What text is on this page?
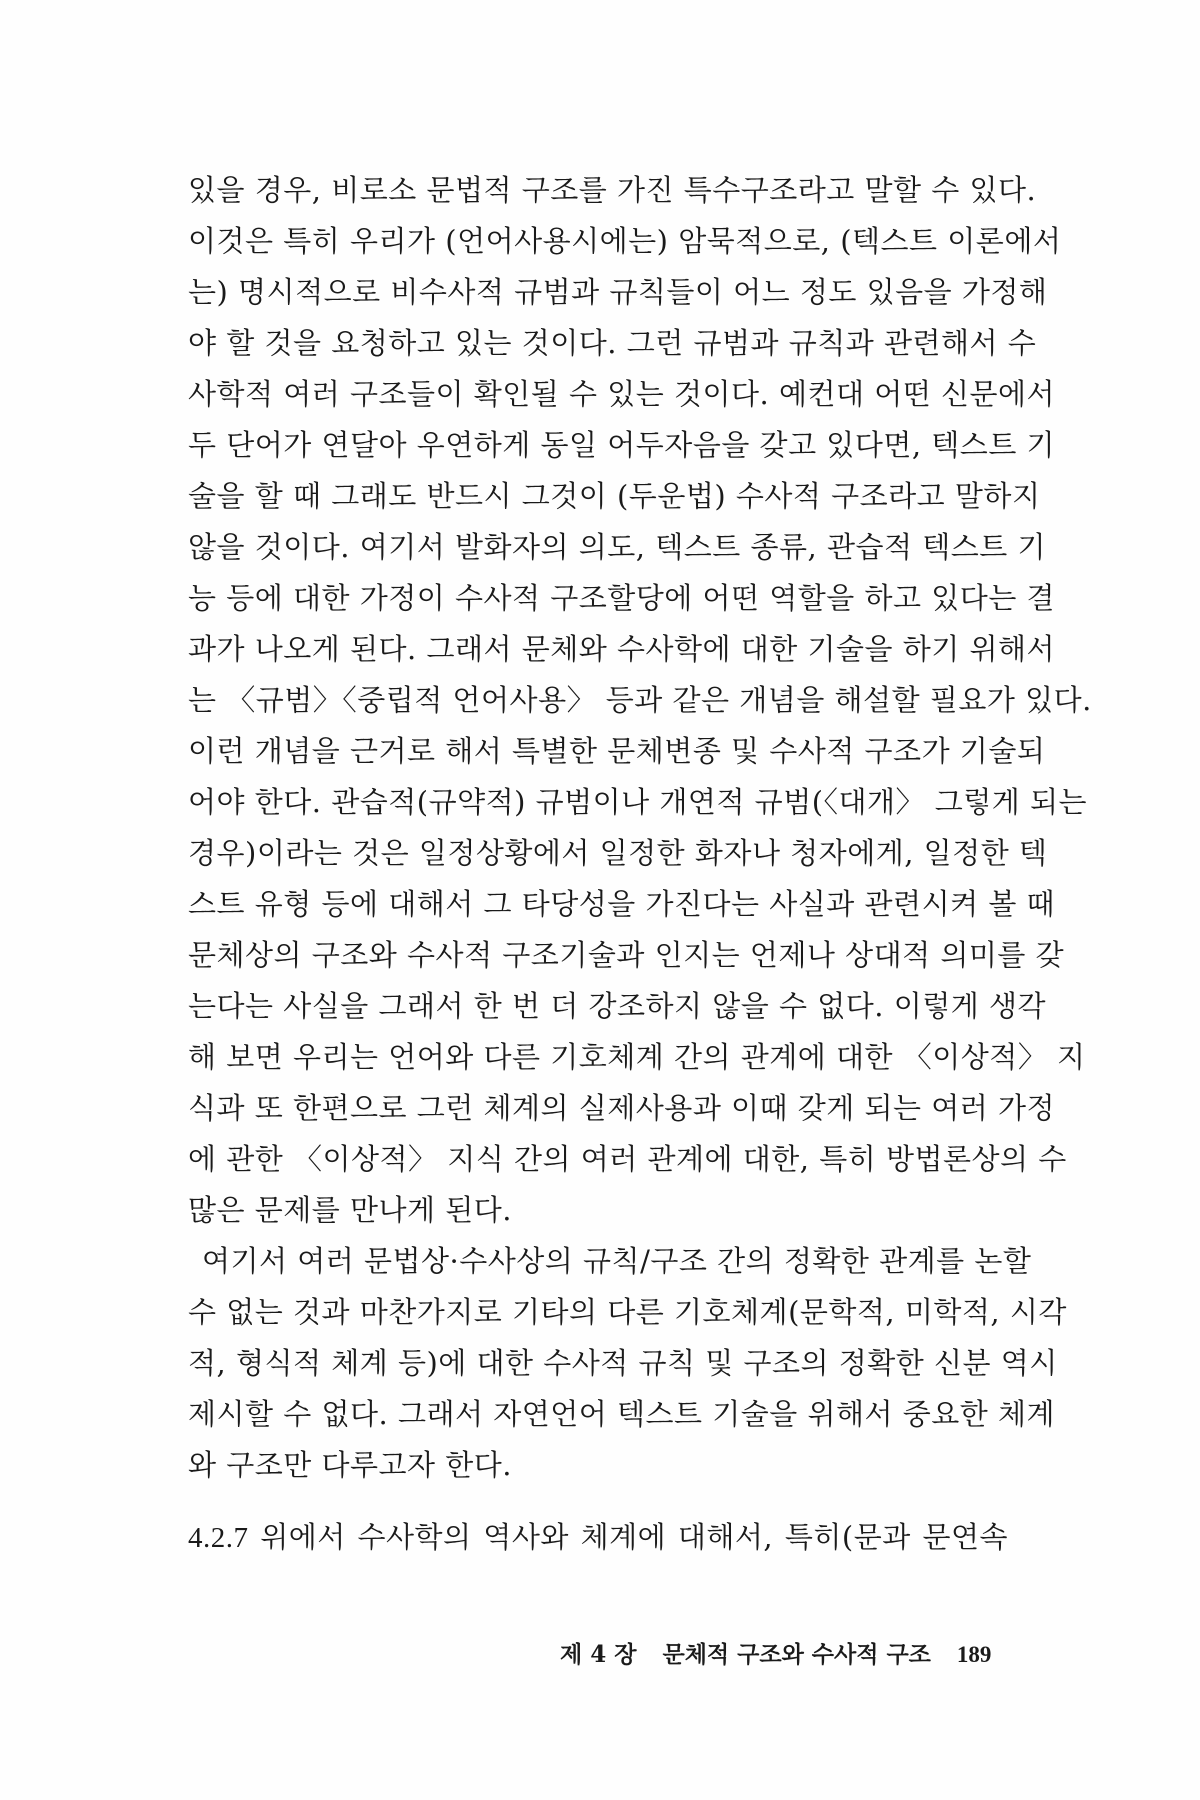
있을 경우, 비로소 문법적 구조를 가진 특수구조라고 말할 수 있다.
이것은 특히 우리가 (언어사용시에는) 암묵적으로, (텍스트 이론에서
는) 명시적으로 비수사적 규범과 규칙들이 어느 정도 있음을 가정해
야 할 것을 요청하고 있는 것이다. 그런 규범과 규칙과 관련해서 수
사학적 여러 구조들이 확인될 수 있는 것이다. 예컨대 어떤 신문에서
두 단어가 연달아 우연하게 동일 어두자음을 갖고 있다면, 텍스트 기
술을 할 때 그래도 반드시 그것이 (두운법) 수사적 구조라고 말하지
않을 것이다. 여기서 발화자의 의도, 텍스트 종류, 관습적 텍스트 기
능 등에 대한 가정이 수사적 구조할당에 어떤 역할을 하고 있다는 결
과가 나오게 된다. 그래서 문체와 수사학에 대한 기술을 하기 위해서
는 〈규범〉〈중립적 언어사용〉 등과 같은 개념을 해설할 필요가 있다.
이런 개념을 근거로 해서 특별한 문체변종 및 수사적 구조가 기술되
어야 한다. 관습적(규약적) 규범이나 개연적 규범(〈대개〉 그렇게 되는
경우)이라는 것은 일정상황에서 일정한 화자나 청자에게, 일정한 텍
스트 유형 등에 대해서 그 타당성을 가진다는 사실과 관련시켜 볼 때
문체상의 구조와 수사적 구조기술과 인지는 언제나 상대적 의미를 갖
는다는 사실을 그래서 한 번 더 강조하지 않을 수 없다. 이렇게 생각
해 보면 우리는 언어와 다른 기호체계 간의 관계에 대한 〈이상적〉 지
식과 또 한편으로 그런 체계의 실제사용과 이때 갖게 되는 여러 가정
에 관한 〈이상적〉 지식 간의 여러 관계에 대한, 특히 방법론상의 수
많은 문제를 만나게 된다.
여기서 여러 문법상·수사상의 규칙/구조 간의 정확한 관계를 논할
수 없는 것과 마찬가지로 기타의 다른 기호체계(문학적, 미학적, 시각
적, 형식적 체계 등)에 대한 수사적 규칙 및 구조의 정확한 신분 역시
제시할 수 없다. 그래서 자연언어 텍스트 기술을 위해서 중요한 체계
와 구조만 다루고자 한다.
4.2.7 위에서 수사학의 역사와 체계에 대해서, 특히(문과 문연속
제 4 장 문체적 구조와 수사적 구조 189
